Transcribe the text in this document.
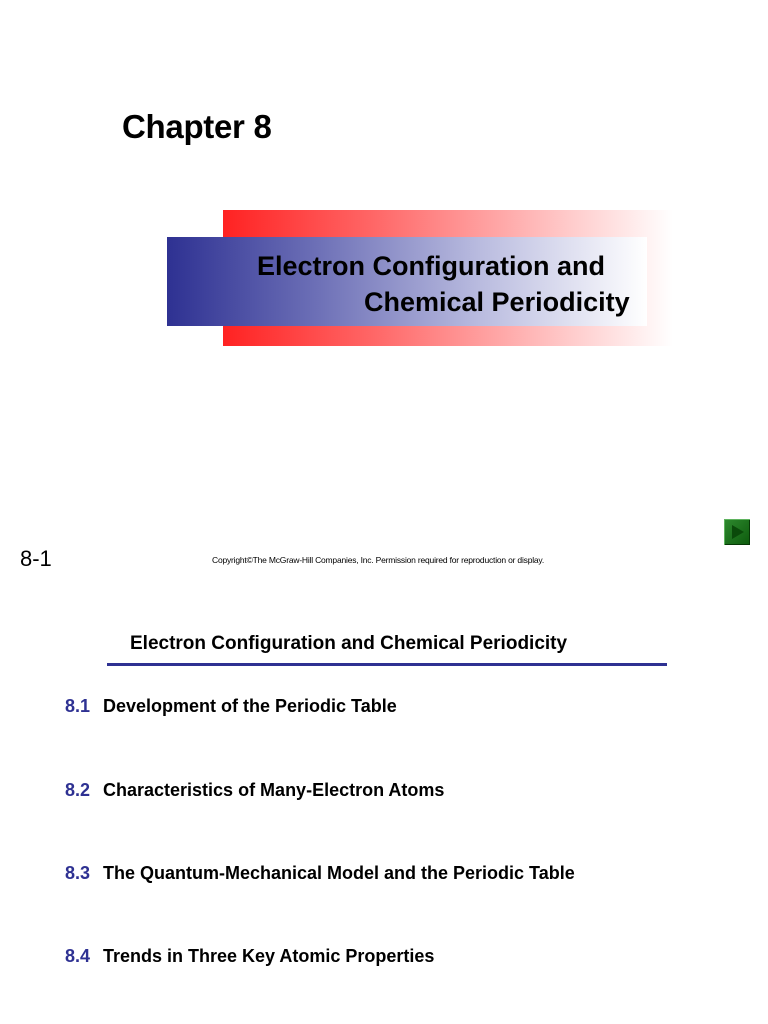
Chapter 8
Electron Configuration and
Chemical Periodicity
8-1	Copyright©The McGraw-Hill Companies, Inc. Permission required for reproduction or display.
Electron Configuration and Chemical Periodicity
8.1 Development of the Periodic Table
8.2 Characteristics of Many-Electron Atoms
8.3 The Quantum-Mechanical Model and the Periodic Table
8.4 Trends in Three Key Atomic Properties
